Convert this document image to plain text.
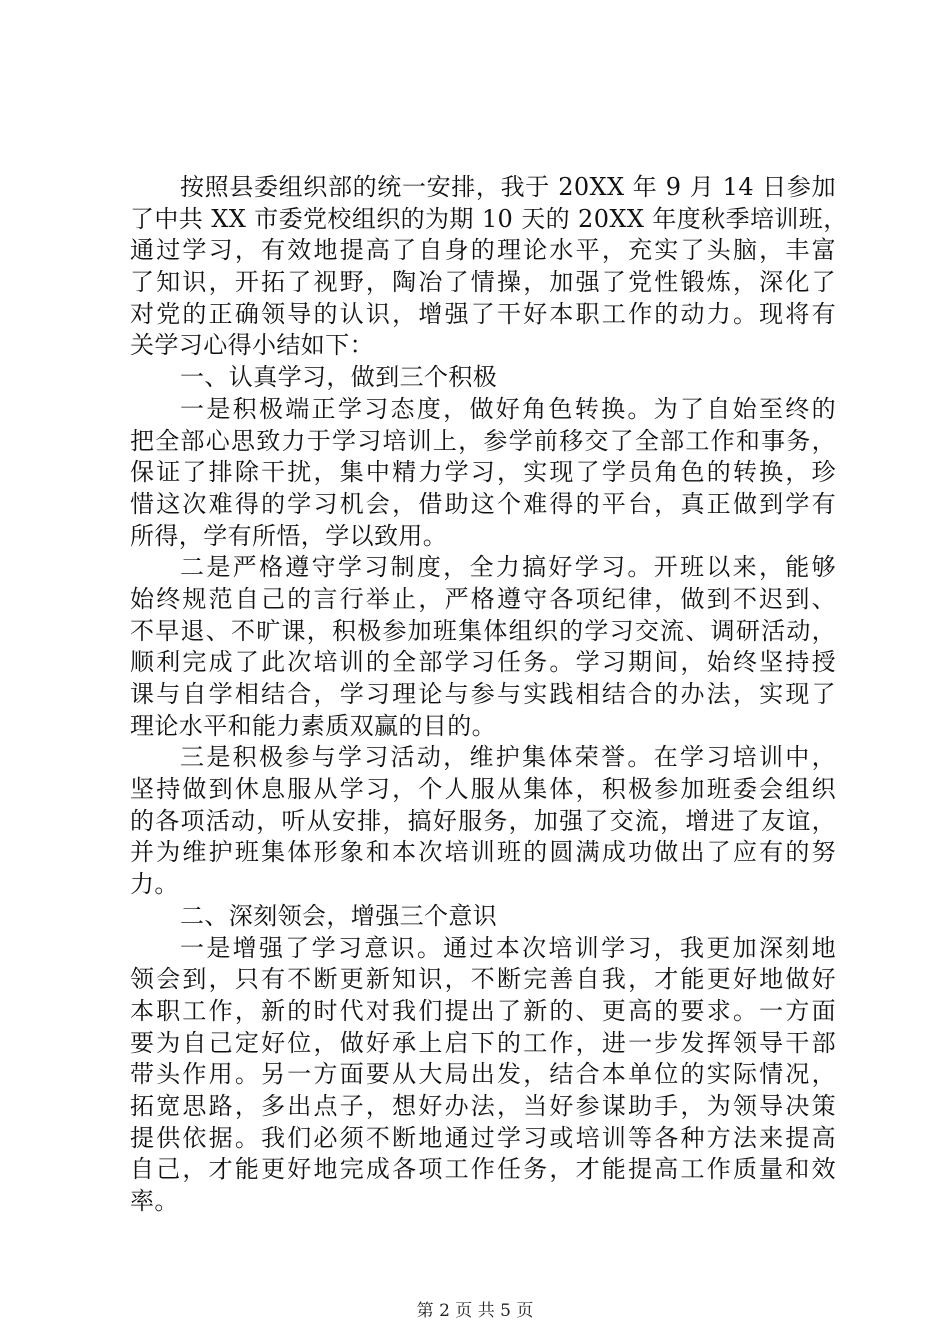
按照县委组织部的统一安排，我于 20XX 年 9 月 14 日参加
了中共 XX 市委党校组织的为期 10 天的 20XX 年度秋季培训班，
通过学习，有效地提高了自身的理论水平，充实了头脑，丰富
了知识，开拓了视野，陶冶了情操，加强了党性锻炼，深化了
对党的正确领导的认识，增强了干好本职工作的动力。现将有
关学习心得小结如下：
一、认真学习，做到三个积极
一是积极端正学习态度，做好角色转换。为了自始至终的
把全部心思致力于学习培训上，参学前移交了全部工作和事务，
保证了排除干扰，集中精力学习，实现了学员角色的转换，珍
惜这次难得的学习机会，借助这个难得的平台，真正做到学有
所得，学有所悟，学以致用。
二是严格遵守学习制度，全力搞好学习。开班以来，能够
始终规范自己的言行举止，严格遵守各项纪律，做到不迟到、
不早退、不旷课，积极参加班集体组织的学习交流、调研活动，
顺利完成了此次培训的全部学习任务。学习期间，始终坚持授
课与自学相结合，学习理论与参与实践相结合的办法，实现了
理论水平和能力素质双赢的目的。
三是积极参与学习活动，维护集体荣誉。在学习培训中，
坚持做到休息服从学习，个人服从集体，积极参加班委会组织
的各项活动，听从安排，搞好服务，加强了交流，增进了友谊，
并为维护班集体形象和本次培训班的圆满成功做出了应有的努
力。
二、深刻领会，增强三个意识
一是增强了学习意识。通过本次培训学习，我更加深刻地
领会到，只有不断更新知识，不断完善自我，才能更好地做好
本职工作，新的时代对我们提出了新的、更高的要求。一方面
要为自己定好位，做好承上启下的工作，进一步发挥领导干部
带头作用。另一方面要从大局出发，结合本单位的实际情况，
拓宽思路，多出点子，想好办法，当好参谋助手，为领导决策
提供依据。我们必须不断地通过学习或培训等各种方法来提高
自己，才能更好地完成各项工作任务，才能提高工作质量和效
率。
第 2 页 共 5 页
